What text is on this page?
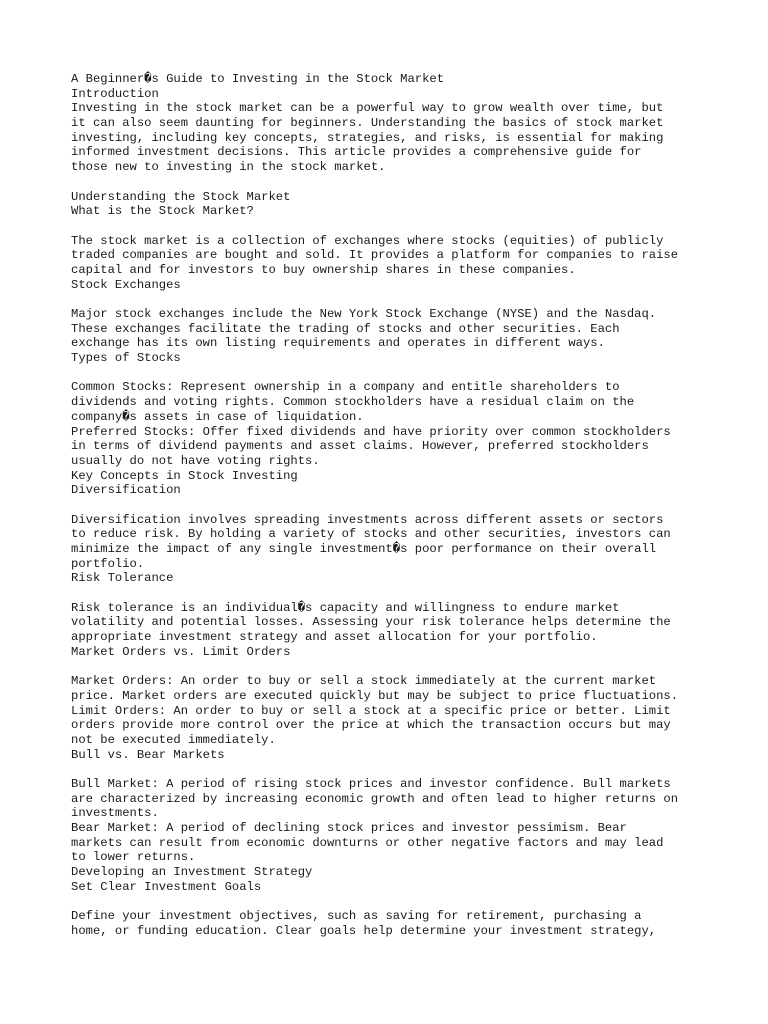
A Beginner�s Guide to Investing in the Stock Market
Introduction
Investing in the stock market can be a powerful way to grow wealth over time, but
it can also seem daunting for beginners. Understanding the basics of stock market
investing, including key concepts, strategies, and risks, is essential for making
informed investment decisions. This article provides a comprehensive guide for
those new to investing in the stock market.
Understanding the Stock Market
What is the Stock Market?
The stock market is a collection of exchanges where stocks (equities) of publicly
traded companies are bought and sold. It provides a platform for companies to raise
capital and for investors to buy ownership shares in these companies.
Stock Exchanges
Major stock exchanges include the New York Stock Exchange (NYSE) and the Nasdaq.
These exchanges facilitate the trading of stocks and other securities. Each
exchange has its own listing requirements and operates in different ways.
Types of Stocks
Common Stocks: Represent ownership in a company and entitle shareholders to
dividends and voting rights. Common stockholders have a residual claim on the
company�s assets in case of liquidation.
Preferred Stocks: Offer fixed dividends and have priority over common stockholders
in terms of dividend payments and asset claims. However, preferred stockholders
usually do not have voting rights.
Key Concepts in Stock Investing
Diversification
Diversification involves spreading investments across different assets or sectors
to reduce risk. By holding a variety of stocks and other securities, investors can
minimize the impact of any single investment�s poor performance on their overall
portfolio.
Risk Tolerance
Risk tolerance is an individual�s capacity and willingness to endure market
volatility and potential losses. Assessing your risk tolerance helps determine the
appropriate investment strategy and asset allocation for your portfolio.
Market Orders vs. Limit Orders
Market Orders: An order to buy or sell a stock immediately at the current market
price. Market orders are executed quickly but may be subject to price fluctuations.
Limit Orders: An order to buy or sell a stock at a specific price or better. Limit
orders provide more control over the price at which the transaction occurs but may
not be executed immediately.
Bull vs. Bear Markets
Bull Market: A period of rising stock prices and investor confidence. Bull markets
are characterized by increasing economic growth and often lead to higher returns on
investments.
Bear Market: A period of declining stock prices and investor pessimism. Bear
markets can result from economic downturns or other negative factors and may lead
to lower returns.
Developing an Investment Strategy
Set Clear Investment Goals
Define your investment objectives, such as saving for retirement, purchasing a
home, or funding education. Clear goals help determine your investment strategy,
